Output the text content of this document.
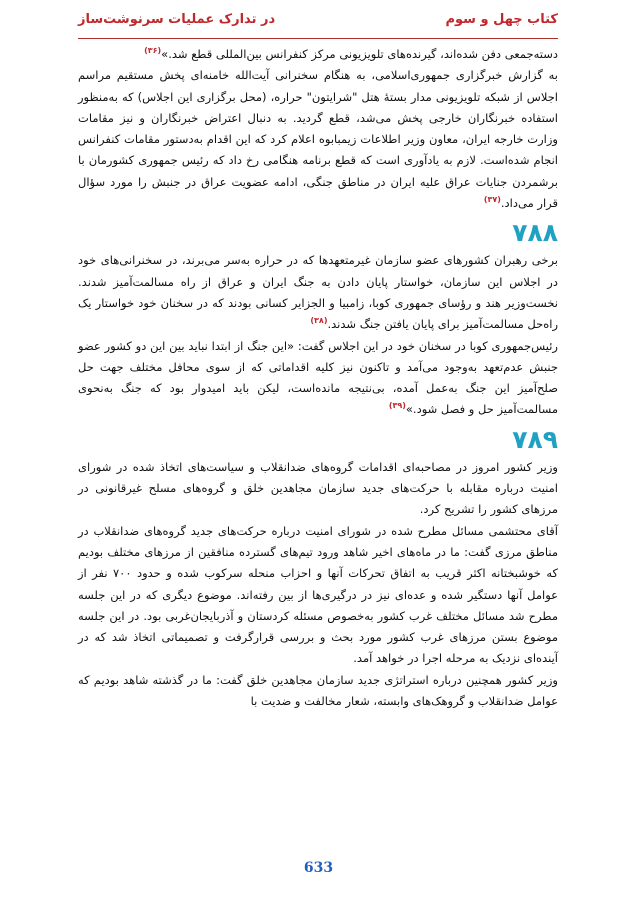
کتاب چهل و سوم
در تدارک عملیات سرنوشت‌ساز

دسته‌جمعی دفن شده‌اند، گیرنده‌های تلویزیونی مرکز کنفرانس بین‌المللی قطع شد.»$^{(۳۶)}$

به گزارش خبرگزاری جمهوری‌اسلامی، به هنگام سخنرانی آیت‌الله خامنه‌ای پخش مستقیم مراسم اجلاس از شبکه تلویزیونی مدار بستهٔ هتل "شرایتون" حراره، (محل برگزاری این اجلاس) که به‌منظور استفاده خبرنگاران خارجی پخش می‌شد، قطع گردید. به دنبال اعتراض خبرنگاران و نیز مقامات وزارت خارجه ایران، معاون وزیر اطلاعات زیمبابوه اعلام کرد که این اقدام به‌دستور مقامات کنفرانس انجام شده‌است. لازم به یادآوری است که قطع برنامه هنگامی رخ داد که رئیس جمهوری کشورمان با برشمردن جنایات عراق علیه ایران در مناطق جنگی، ادامه عضویت عراق در جنبش را مورد سؤال قرار می‌داد.$^{(۳۷)}$

۷۸۸

برخی رهبران کشورهای عضو سازمان غیرمتعهدها که در حراره به‌سر می‌برند، در سخنرانی‌های خود در اجلاس این سازمان، خواستار پایان دادن به جنگ ایران و عراق از راه مسالمت‌آمیز شدند. نخست‌وزیر هند و رؤسای جمهوری کوبا، زامبیا و الجزایر کسانی بودند که در سخنان خود خواستار یک راه‌حل مسالمت‌آمیز برای پایان یافتن جنگ شدند.$^{(۳۸)}$

رئیس‌جمهوری کوبا در سخنان خود در این اجلاس گفت: «این جنگ از ابتدا نباید بین این دو کشور عضو جنبش عدم‌تعهد به‌وجود می‌آمد و تاکنون نیز کلیه اقداماتی که از سوی محافل مختلف جهت حل صلح‌آمیز این جنگ به‌عمل آمده، بی‌نتیجه مانده‌است، لیکن باید امیدوار بود که جنگ به‌نحوی مسالمت‌آمیز حل و فصل شود.»$^{(۳۹)}$

۷۸۹

وزیر کشور امروز در مصاحبه‌ای اقدامات گروه‌های ضدانقلاب و سیاست‌های اتخاذ شده در شورای امنیت درباره مقابله با حرکت‌های جدید سازمان مجاهدین خلق و گروه‌های مسلح غیرقانونی در مرزهای کشور را تشریح کرد.

آقای محتشمی مسائل مطرح شده در شورای امنیت درباره حرکت‌های جدید گروه‌های ضدانقلاب در مناطق مرزی گفت: ما در ماه‌های اخیر شاهد ورود تیم‌های گسترده منافقین از مرزهای مختلف بودیم که خوشبختانه اکثر قریب به اتفاق تحرکات آنها و احزاب منحله سرکوب شده و حدود ۷۰۰ نفر از عوامل آنها دستگیر شده و عده‌ای نیز در درگیری‌ها از بین رفته‌اند. موضوع دیگری که در این جلسه مطرح شد مسائل مختلف غرب کشور به‌خصوص مسئله کردستان و آذربایجان‌غربی بود. در این جلسه موضوع بستن مرزهای غرب کشور مورد بحث و بررسی قرارگرفت و تصمیماتی اتخاذ شد که در آینده‌ای نزدیک به مرحله اجرا در خواهد آمد.

وزیر کشور همچنین درباره استراتژی جدید سازمان مجاهدین خلق گفت: ما در گذشته شاهد بودیم که عوامل ضدانقلاب و گروهک‌های وابسته، شعار مخالفت و ضدیت با

633
